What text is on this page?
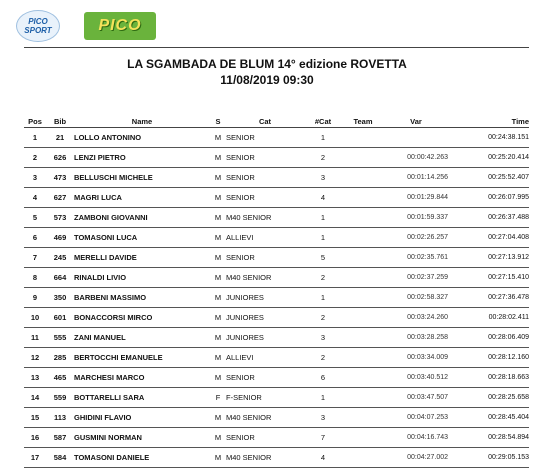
PICO
SPORT	PICO
LA SGAMBADA DE BLUM 14° edizione ROVETTA
11/08/2019 09:30
Pos	Bib	Name	S	Cat	#Cat	Team	Var	Time
1	21	LOLLO ANTONINO	M	SENIOR	1			00:24:38.151
2	626	LENZI PIETRO	M	SENIOR	2		00:00:42.263	00:25:20.414
3	473	BELLUSCHI MICHELE	M	SENIOR	3		00:01:14.256	00:25:52.407
4	627	MAGRI LUCA	M	SENIOR	4		00:01:29.844	00:26:07.995
5	573	ZAMBONI GIOVANNI	M	M40 SENIOR	1		00:01:59.337	00:26:37.488
6	469	TOMASONI LUCA	M	ALLIEVI	1		00:02:26.257	00:27:04.408
7	245	MERELLI DAVIDE	M	SENIOR	5		00:02:35.761	00:27:13.912
8	664	RINALDI LIVIO	M	M40 SENIOR	2		00:02:37.259	00:27:15.410
9	350	BARBENI MASSIMO	M	JUNIORES	1		00:02:58.327	00:27:36.478
10	601	BONACCORSI MIRCO	M	JUNIORES	2		00:03:24.260	00:28:02.411
11	555	ZANI MANUEL	M	JUNIORES	3		00:03:28.258	00:28:06.409
12	285	BERTOCCHI EMANUELE	M	ALLIEVI	2		00:03:34.009	00:28:12.160
13	465	MARCHESI MARCO	M	SENIOR	6		00:03:40.512	00:28:18.663
14	559	BOTTARELLI SARA	F	F-SENIOR	1		00:03:47.507	00:28:25.658
15	113	GHIDINI FLAVIO	M	M40 SENIOR	3		00:04:07.253	00:28:45.404
16	587	GUSMINI NORMAN	M	SENIOR	7		00:04:16.743	00:28:54.894
17	584	TOMASONI DANIELE	M	M40 SENIOR	4		00:04:27.002	00:29:05.153
